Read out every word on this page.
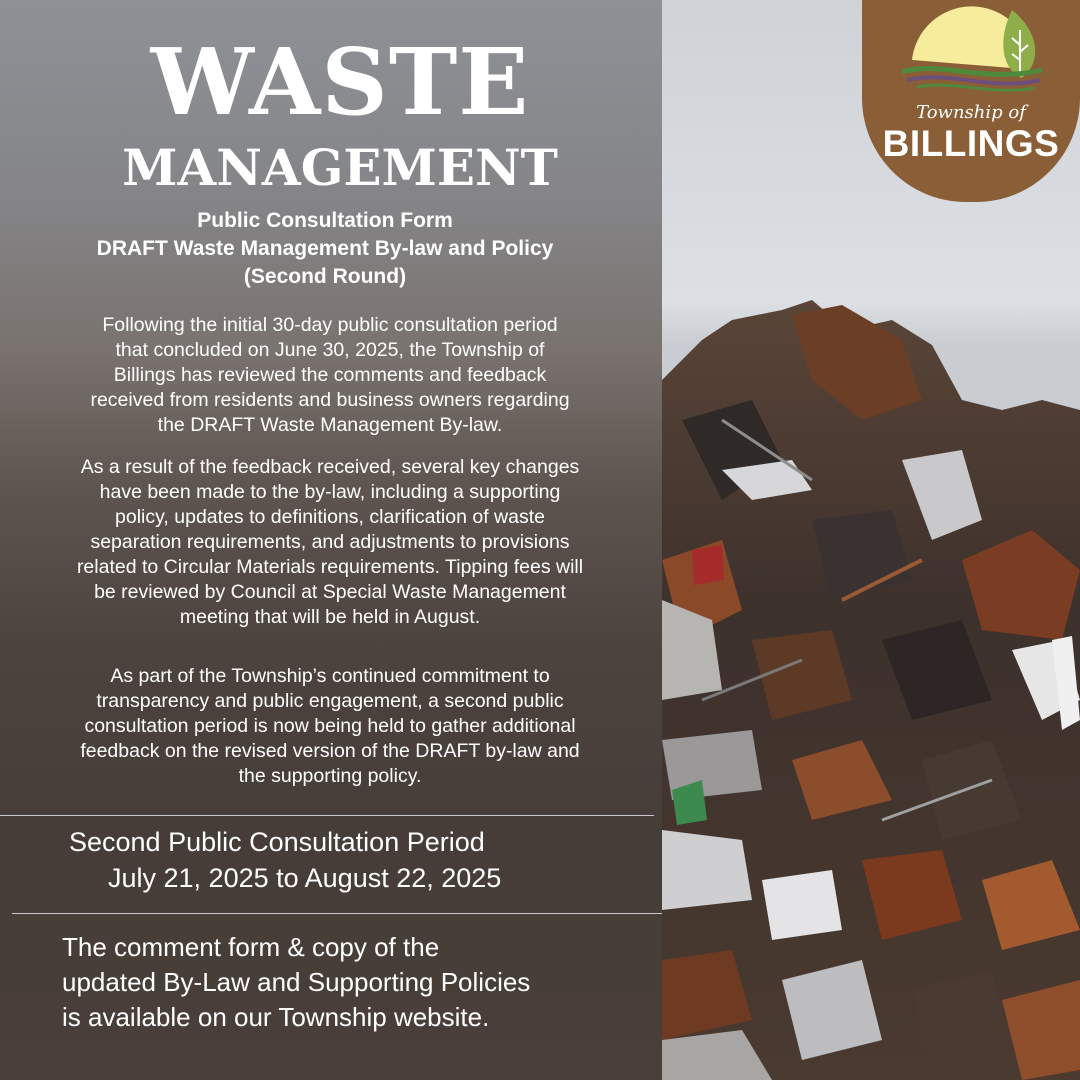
WASTE
MANAGEMENT
Public Consultation Form
DRAFT Waste Management By-law and Policy
(Second Round)
Following the initial 30-day public consultation period
that concluded on June 30, 2025, the Township of
Billings has reviewed the comments and feedback
received from residents and business owners regarding
the DRAFT Waste Management By-law.
As a result of the feedback received, several key changes
have been made to the by-law, including a supporting
policy, updates to definitions, clarification of waste
separation requirements, and adjustments to provisions
related to Circular Materials requirements. Tipping fees will
be reviewed by Council at Special Waste Management
meeting that will be held in August.
As part of the Township’s continued commitment to
transparency and public engagement, a second public
consultation period is now being held to gather additional
feedback on the revised version of the DRAFT by-law and
the supporting policy.
Second Public Consultation Period
July 21, 2025 to August 22, 2025
The comment form & copy of the
updated By-Law and Supporting Policies
is available on our Township website.
Township of
BILLINGS
